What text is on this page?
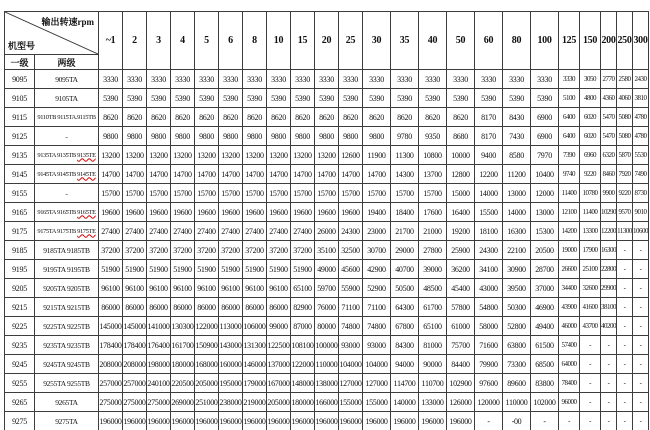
输出转速rpm
机型号		~1	2	3	4	5	6	8	10	15	20	25	30	35	40	50	60	80	100	125	150	200	250	300
一级	两级																							
9095	9095TA	3330	3330	3330	3330	3330	3330	3330	3330	3330	3330	3330	3330	3330	3330	3330	3330	3330	3330	3330	3050	2770	2580	2430
9105	9105TA	5390	5390	5390	5390	5390	5390	5390	5390	5390	5390	5390	5390	5390	5390	5390	5390	5390	5390	5100	4800	4360	4060	3810
9115	9110TB 9115TA.9115TB	8620	8620	8620	8620	8620	8620	8620	8620	8620	8620	8620	8620	8620	8620	8620	8170	8430	6900	6400	6020	5470	5080	4780
9125	-	9800	9800	9800	9800	9800	9800	9800	9800	9800	9800	9800	9800	9780	9350	8680	8170	7430	6900	6400	6020	5470	5080	4780
9135	9135TA 9135TB 9135TE	13200	13200	13200	13200	13200	13200	13200	13200	13200	13200	12600	11900	11300	10800	10000	9400	8580	7970	7390	6960	6320	5870	5530
9145	9145TA 9145TB 9145TE	14700	14700	14700	14700	14700	14700	14700	14700	14700	14700	14700	14700	14300	13700	12800	12200	11200	10400	9740	9220	8460	7920	7490
9155	-	15700	15700	15700	15700	15700	15700	15700	15700	15700	15700	15700	15700	15700	15700	15000	14000	13000	12000	11400	10780	9900	9220	8730
9165	9165TA 9165TB 9165TE	19600	19600	19600	19600	19600	19600	19600	19600	19600	19600	19600	19400	18400	17600	16400	15500	14000	13000	12100	11400	10290	9570	9010
9175	9175TA 9175TB 9175TE	27400	27400	27400	27400	27400	27400	27400	27400	27400	26000	24300	23000	21700	21000	19200	18100	16300	15300	14200	13300	12200	11300	10600
9185	9185TA 9185TB	37200	37200	37200	37200	37200	37200	37200	37200	37200	35100	32500	30700	29000	27800	25900	24300	22100	20500	19000	17900	16300	-	-
9195	9195TA 9195TB	51900	51900	51900	51900	51900	51900	51900	51900	51900	49000	45600	42900	40700	39000	36200	34100	30900	28700	26600	25100	22800	-	-
9205	9205TA 9205TB	96100	96100	96100	96100	96100	96100	96100	96100	65100	59700	55900	52900	50500	48500	45400	43000	39500	37000	34400	32600	29900	-	-
9215	9215TA 9215TB	86000	86000	86000	86000	86000	86000	86000	86000	82900	76000	71100	71100	64300	61700	57800	54800	50300	46900	43900	41600	38100	-	-
9225	9225TA 9225TB	145000	145000	141000	130300	122000	113000	106000	99000	87000	80000	74800	74800	67800	65100	61000	58000	52800	49400	46000	43700	40200	-	-
9235	9235TA 9235TB	178400	178400	176400	161700	150900	143000	131300	122500	108100	100000	93000	93000	84300	81000	75700	71600	63800	61500	57400	-	-	-	-
9245	9245TA 9245TB	208000	208000	198000	180000	168000	160000	146000	137000	122000	110000	104000	104000	94000	90000	84400	79900	73300	68500	64000	-	-	-	-
9255	9255TA 9255TB	257000	257000	240100	220500	205000	195000	179000	167000	148000	138000	127000	127000	114700	110700	102900	97600	89600	83800	78400	-	-	-	-
9265	9265TA	275000	275000	275000	269000	251000	238000	219000	205000	180000	166000	155000	155000	140000	133000	126000	120000	110000	102000	96000	-	-	-	-
9275	9275TA	196000	196000	196000	196000	196000	196000	196000	196000	196000	196000	196000	196000	196000	196000	196000	-	-00	-	-	-	-	-	-
